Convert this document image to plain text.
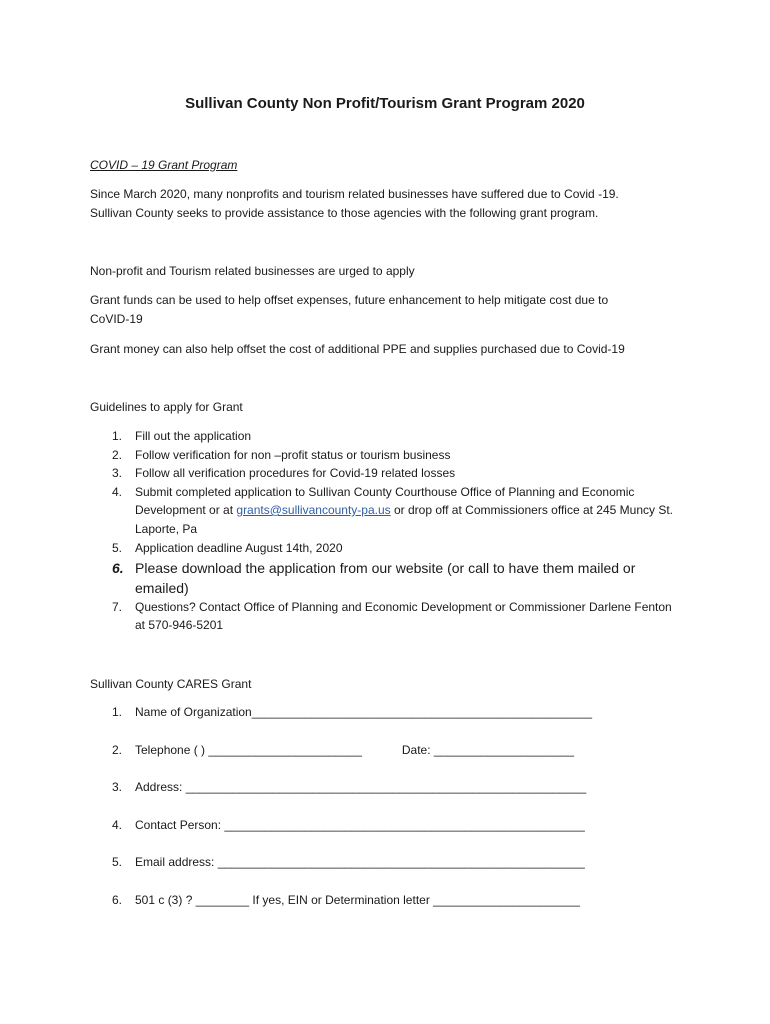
Sullivan County Non Profit/Tourism Grant Program 2020
COVID – 19 Grant Program
Since March 2020, many nonprofits and tourism related businesses have suffered due to Covid -19.
Sullivan County seeks to provide assistance to those agencies with the following grant program.
Non-profit and Tourism related businesses are urged to apply
Grant funds can be used to help offset expenses, future enhancement to help mitigate cost due to
CoVID-19
Grant money can also help offset the cost of additional PPE and supplies purchased due to Covid-19
Guidelines to apply for Grant
1. Fill out the application
2. Follow verification for non –profit status or tourism business
3. Follow all verification procedures for Covid-19 related losses
4. Submit completed application to Sullivan County Courthouse Office of Planning and Economic Development or at grants@sullivancounty-pa.us or drop off at Commissioners office at 245 Muncy St. Laporte, Pa
5. Application deadline August 14th, 2020
6. Please download the application from our website (or call to have them mailed or emailed)
7. Questions? Contact Office of Planning and Economic Development or Commissioner Darlene Fenton at 570-946-5201
Sullivan County CARES Grant
1. Name of Organization___________________________________________________
2. Telephone ( ) _______________________	Date: _____________________
3. Address: ____________________________________________________________
4. Contact Person: ______________________________________________________
5. Email address: _______________________________________________________
6. 501 c (3) ? ________ If yes, EIN or Determination letter ______________________
